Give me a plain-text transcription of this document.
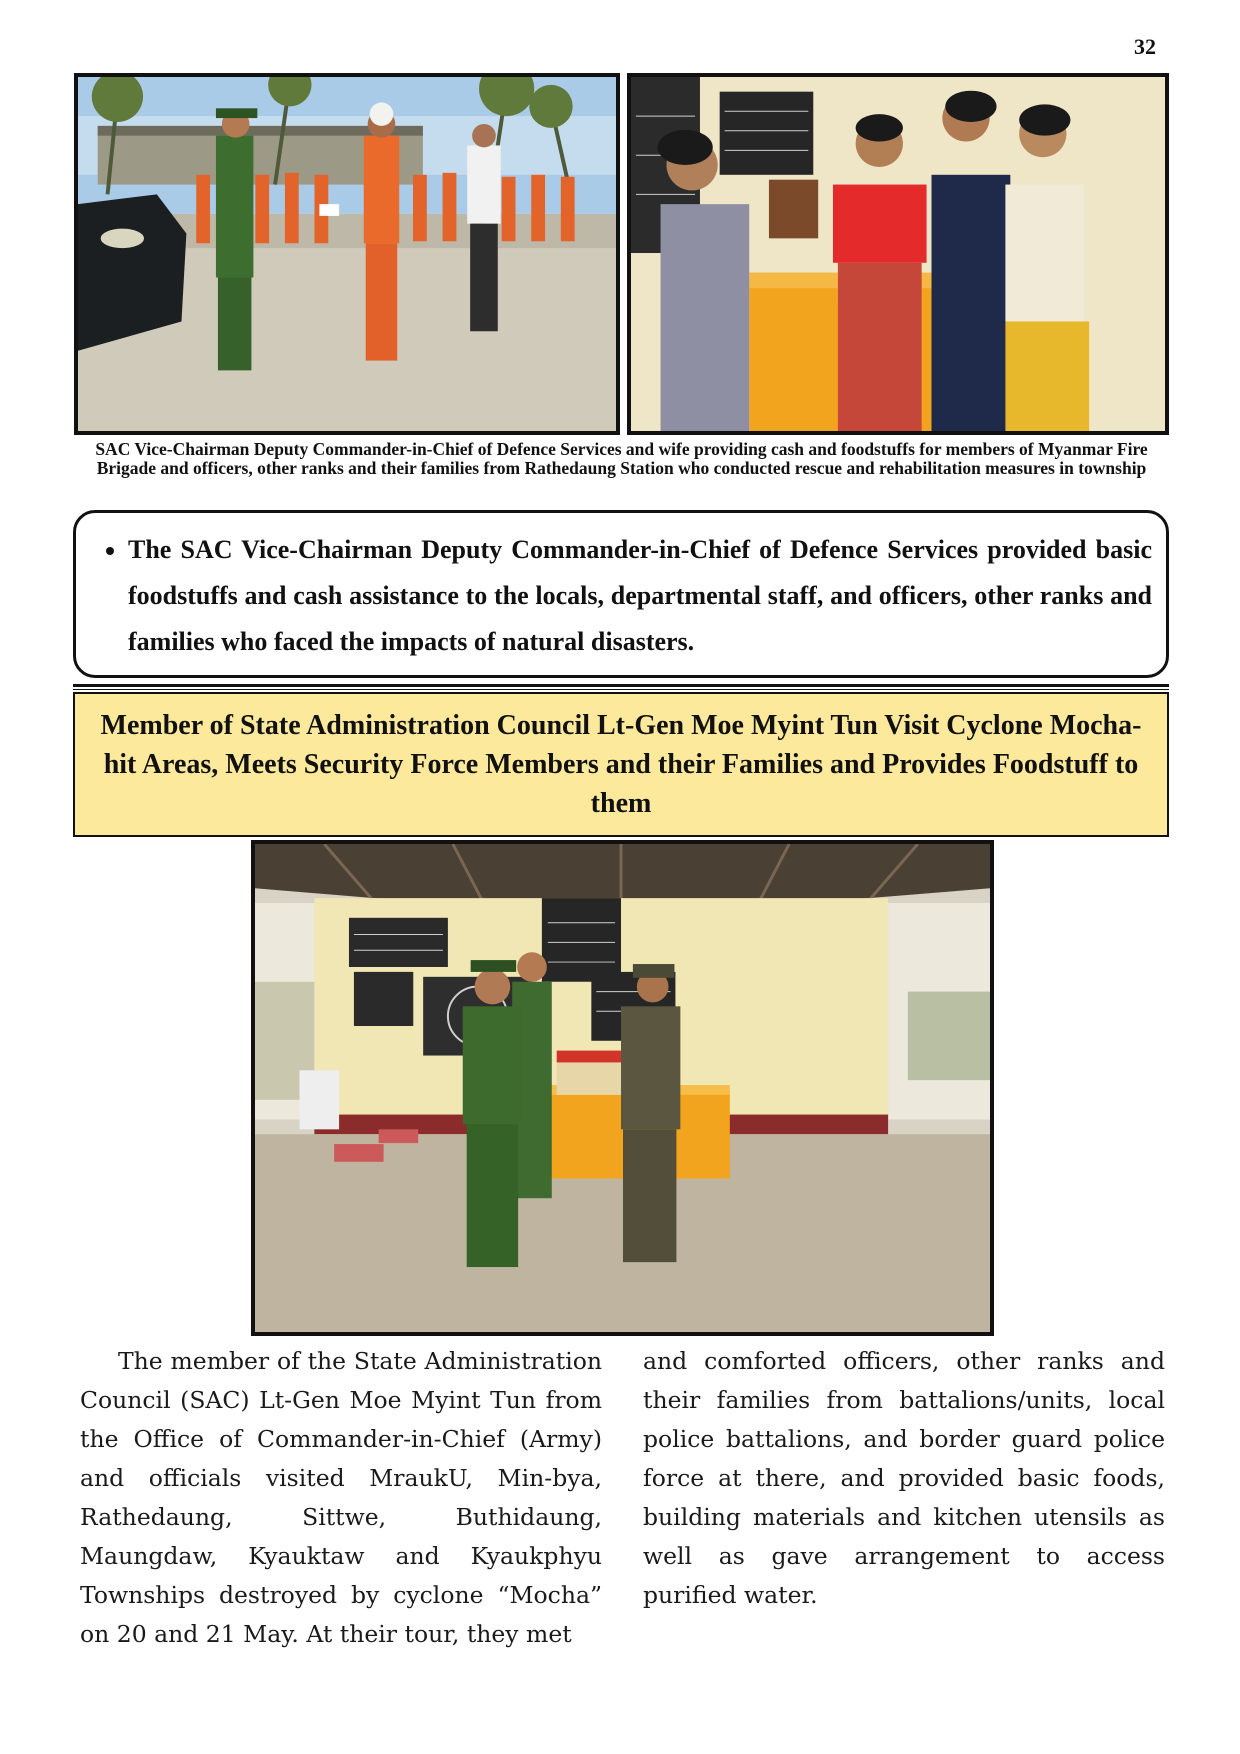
32
SAC Vice-Chairman Deputy Commander-in-Chief of Defence Services and wife providing cash and foodstuffs for members of Myanmar Fire Brigade and officers, other ranks and their families from Rathedaung Station who conducted rescue and rehabilitation measures in township
• The SAC Vice-Chairman Deputy Commander-in-Chief of Defence Services provided basic foodstuffs and cash assistance to the locals, departmental staff, and officers, other ranks and families who faced the impacts of natural disasters.
Member of State Administration Council Lt-Gen Moe Myint Tun Visit Cyclone Mocha-hit Areas, Meets Security Force Members and their Families and Provides Foodstuff to them

The member of the State Administration Council (SAC) Lt-Gen Moe Myint Tun from the Office of Commander-in-Chief (Army) and officials visited MraukU, Min-bya, Rathedaung, Sittwe, Buthidaung, Maungdaw, Kyauktaw and Kyaukphyu Townships destroyed by cyclone “Mocha” on 20 and 21 May. At their tour, they met

and comforted officers, other ranks and their families from battalions/units, local police battalions, and border guard police force at there, and provided basic foods, building materials and kitchen utensils as well as gave arrangement to access purified water.
